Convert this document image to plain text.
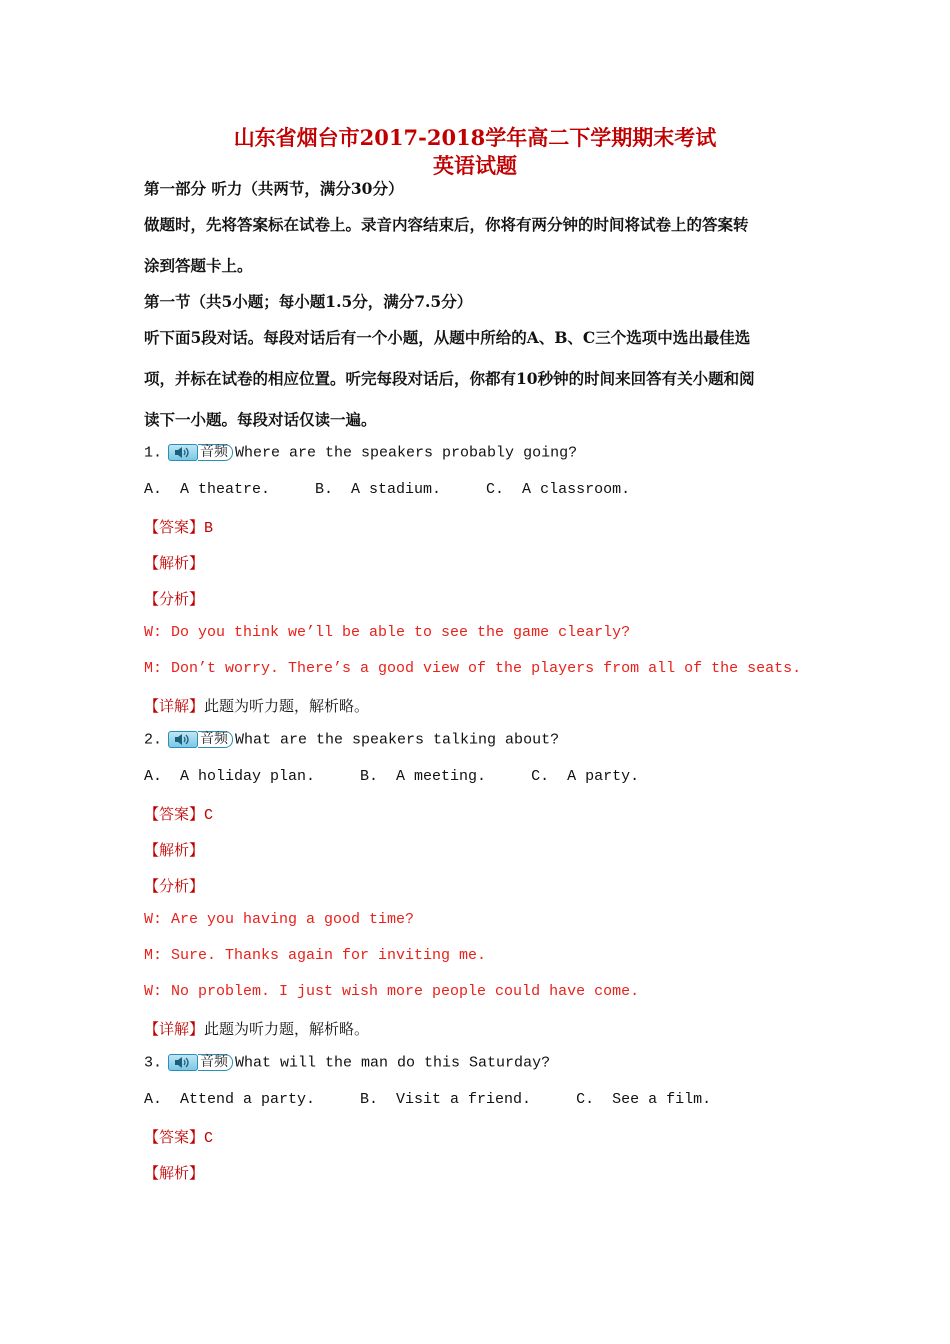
山东省烟台市2017-2018学年高二下学期期末考试
英语试题
第一部分 听力（共两节，满分30分）
做题时，先将答案标在试卷上。录音内容结束后，你将有两分钟的时间将试卷上的答案转
涂到答题卡上。
第一节（共5小题；每小题1.5分，满分7.5分）
听下面5段对话。每段对话后有一个小题，从题中所给的A、B、C三个选项中选出最佳选
项，并标在试卷的相应位置。听完每段对话后，你都有10秒钟的时间来回答有关小题和阅
读下一小题。每段对话仅读一遍。
1.	音频 Where are the speakers probably going?
A.  A theatre.     B.  A stadium.     C.  A classroom.
【答案】B
【解析】
【分析】
W: Do you think we’ll be able to see the game clearly?
M: Don’t worry. There’s a good view of the players from all of the seats.
【详解】此题为听力题，解析略。
2.	音频 What are the speakers talking about?
A.  A holiday plan.     B.  A meeting.     C.  A party.
【答案】C
【解析】
【分析】
W: Are you having a good time?
M: Sure. Thanks again for inviting me.
W: No problem. I just wish more people could have come.
【详解】此题为听力题，解析略。
3.	音频 What will the man do this Saturday?
A.  Attend a party.     B.  Visit a friend.     C.  See a film.
【答案】C
【解析】
